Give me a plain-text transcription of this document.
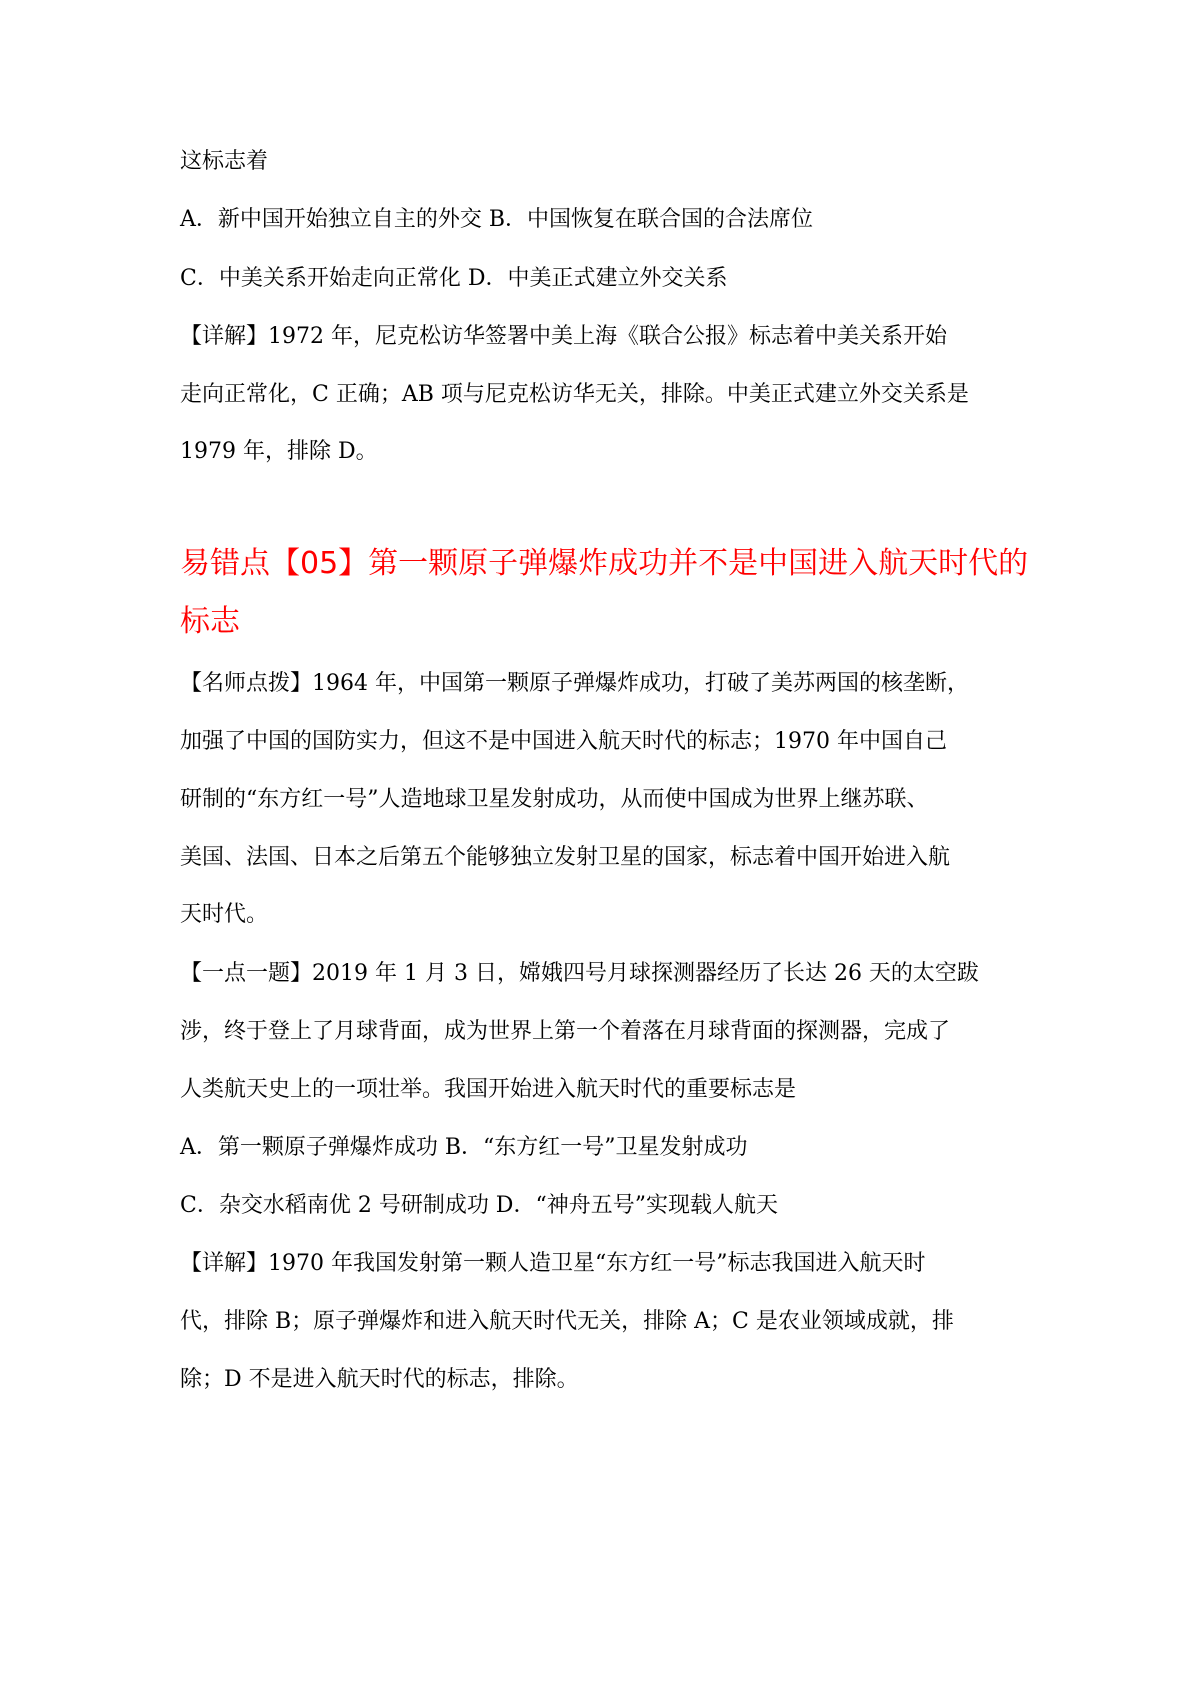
这标志着
A．新中国开始独立自主的外交 B．中国恢复在联合国的合法席位
C．中美关系开始走向正常化 D．中美正式建立外交关系
【详解】1972 年，尼克松访华签署中美上海《联合公报》标志着中美关系开始
走向正常化，C 正确；AB 项与尼克松访华无关，排除。中美正式建立外交关系是
1979 年，排除 D。
易错点【05】第一颗原子弹爆炸成功并不是中国进入航天时代的
标志
【名师点拨】1964 年，中国第一颗原子弹爆炸成功，打破了美苏两国的核垄断，
加强了中国的国防实力，但这不是中国进入航天时代的标志；1970 年中国自己
研制的“东方红一号”人造地球卫星发射成功，从而使中国成为世界上继苏联、
美国、法国、日本之后第五个能够独立发射卫星的国家，标志着中国开始进入航
天时代。
【一点一题】2019 年 1 月 3 日，嫦娥四号月球探测器经历了长达 26 天的太空跋
涉，终于登上了月球背面，成为世界上第一个着落在月球背面的探测器，完成了
人类航天史上的一项壮举。我国开始进入航天时代的重要标志是
A．第一颗原子弹爆炸成功 B．“东方红一号”卫星发射成功
C．杂交水稻南优 2 号研制成功 D．“神舟五号”实现载人航天
【详解】1970 年我国发射第一颗人造卫星“东方红一号”标志我国进入航天时
代，排除 B；原子弹爆炸和进入航天时代无关，排除 A；C 是农业领域成就，排
除；D 不是进入航天时代的标志，排除。
